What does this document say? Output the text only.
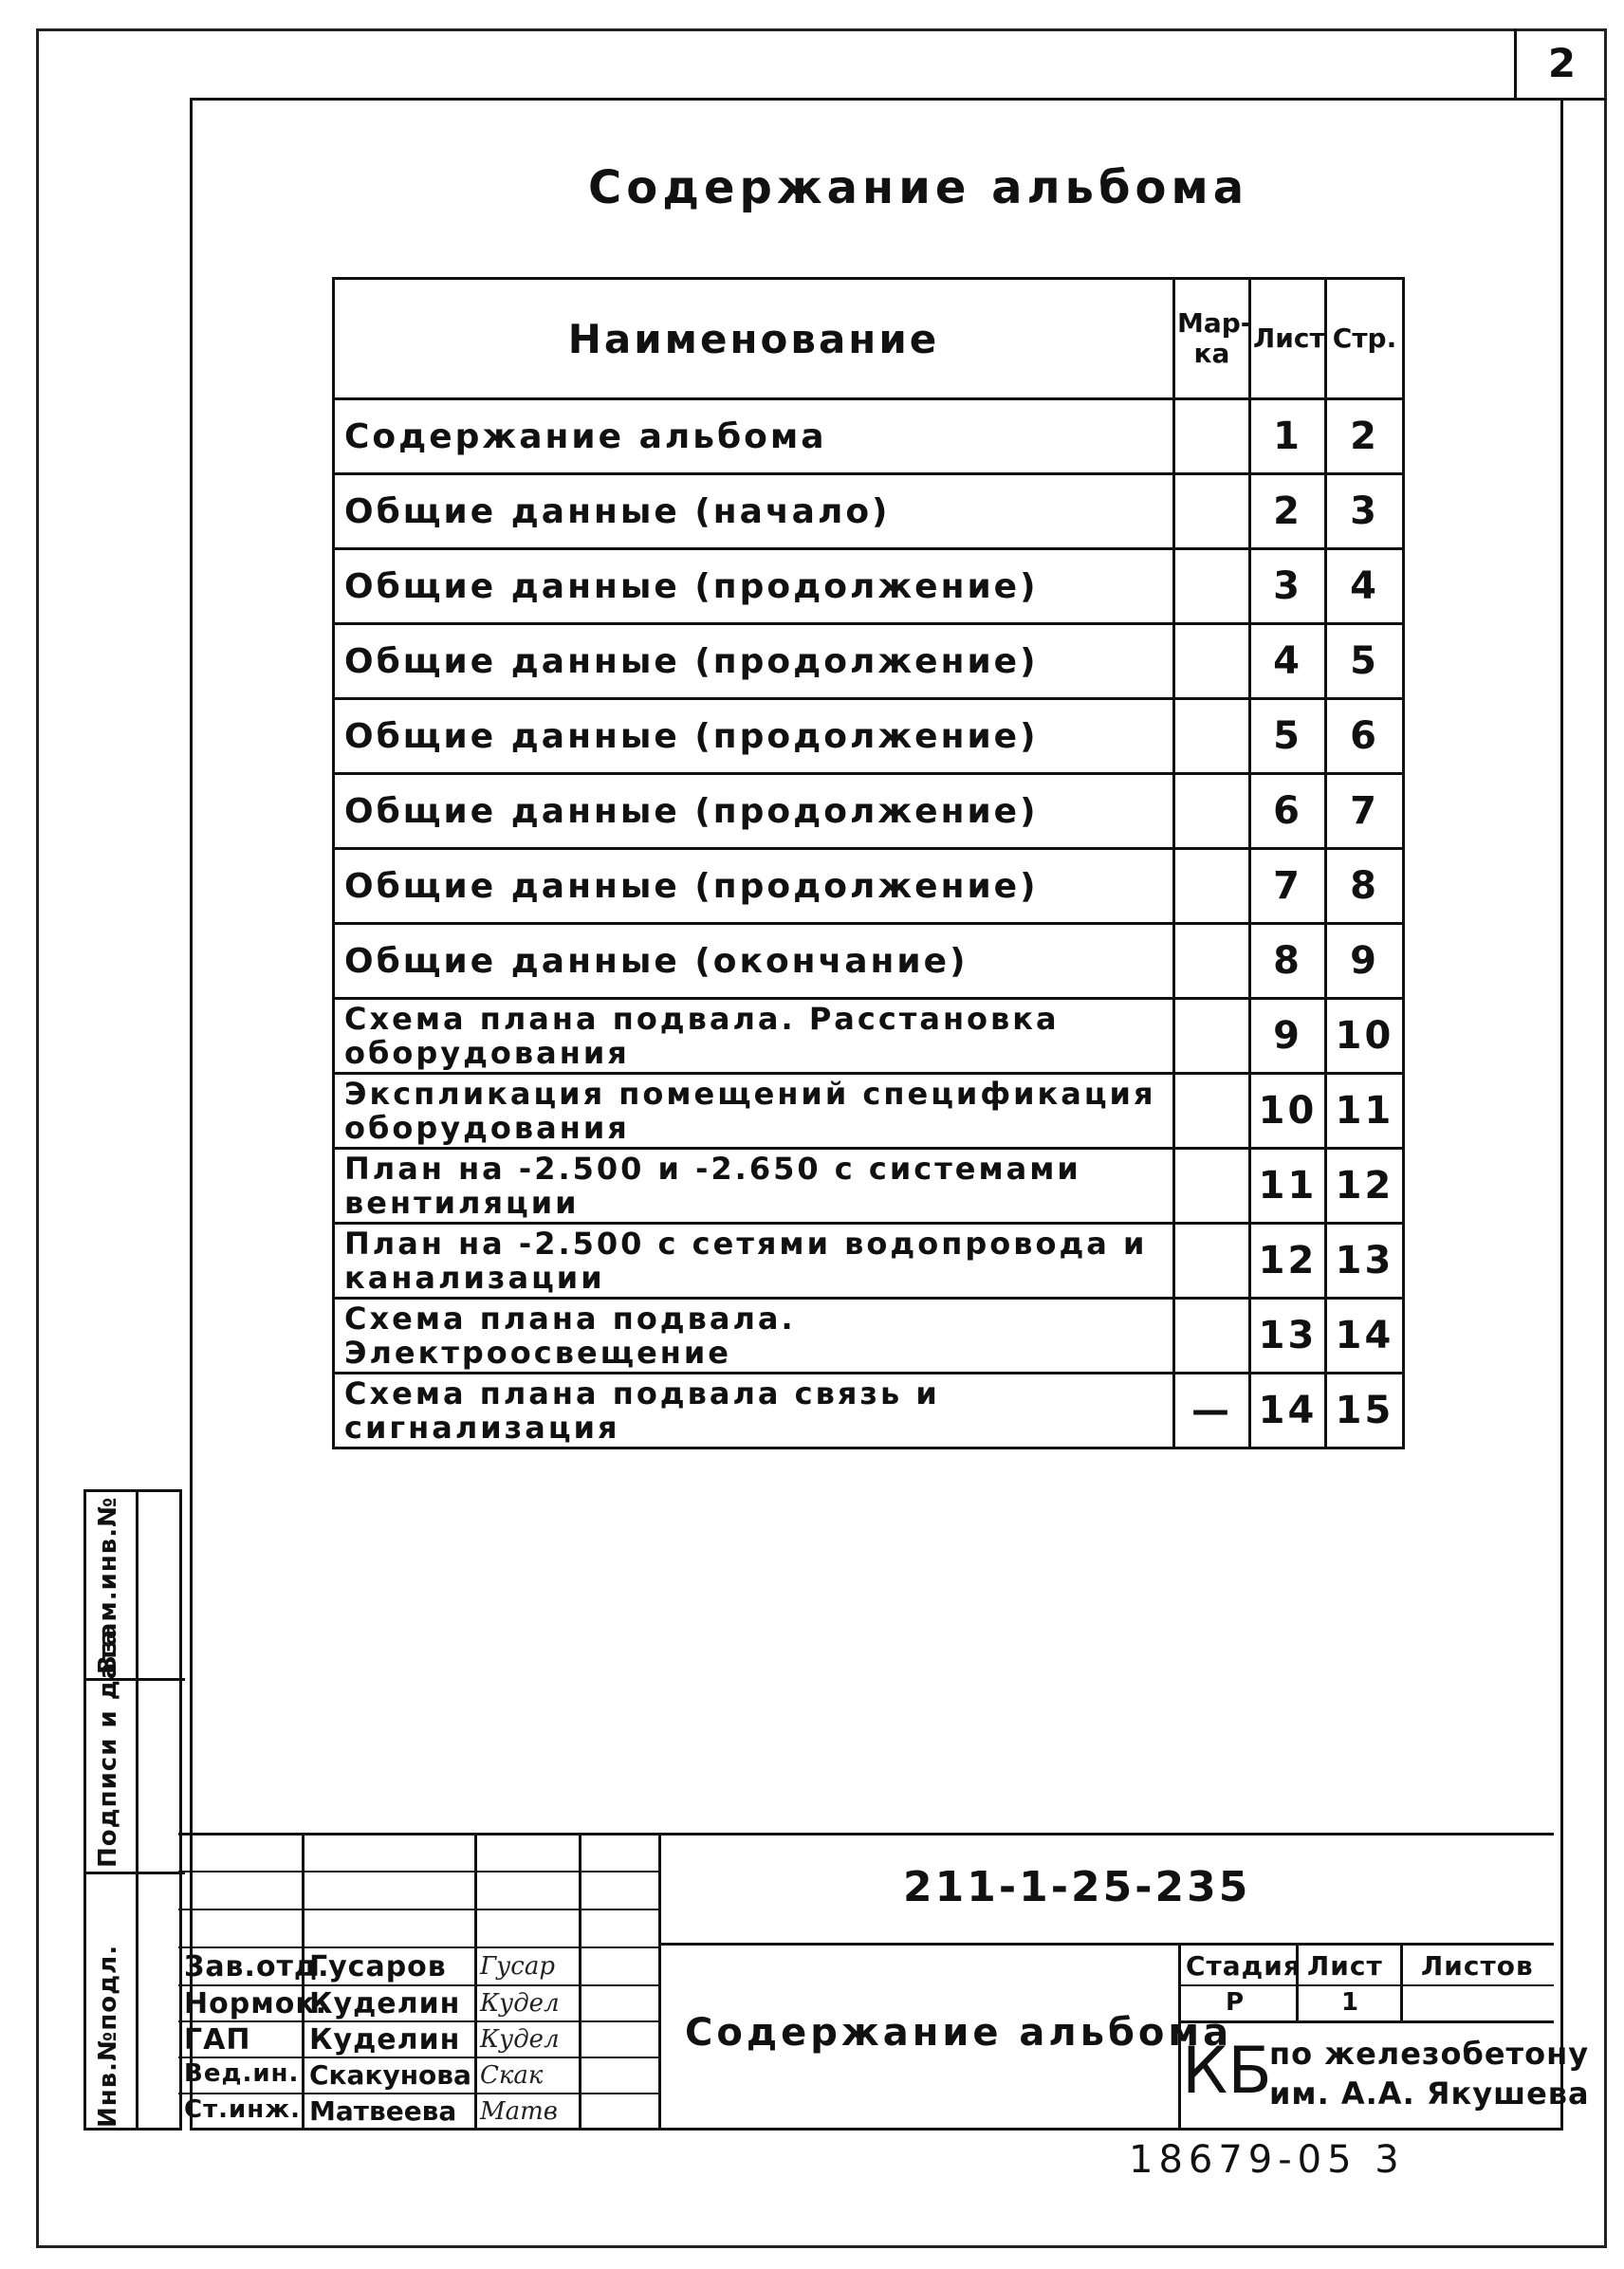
2
Содержание альбома
Наименование	Мар-ка	Лист	Стр.
Содержание альбома		1	2
Общие данные (начало)		2	3
Общие данные (продолжение)		3	4
Общие данные (продолжение)		4	5
Общие данные (продолжение)		5	6
Общие данные (продолжение)		6	7
Общие данные (продолжение)		7	8
Общие данные (окончание)		8	9
Схема плана подвала. Расстановка оборудования		9	10
Экспликация помещений спецификация оборудования		10	11
План на -2.500 и -2.650 с системами вентиляции		11	12
План на -2.500 с сетями водопровода и канализации		12	13
Схема плана подвала. Электроосвещение		13	14
Схема плана подвала связь и сигнализация	—	14	15
Инв.№подл.
Подписи и дата
Взам.инв.№
211-1-25-235
Содержание альбома
Стадия Лист Листов
Р	1
КБ
по железобетону
им. А.А. Якушева
Зав.отд.
Гусаров Гусар
Нормок.
Куделин Кудел
ГАП Куделин Кудел
Вед.ин. Скакунова Скак
Ст.инж. Матвеева Матв
18679-05 3
